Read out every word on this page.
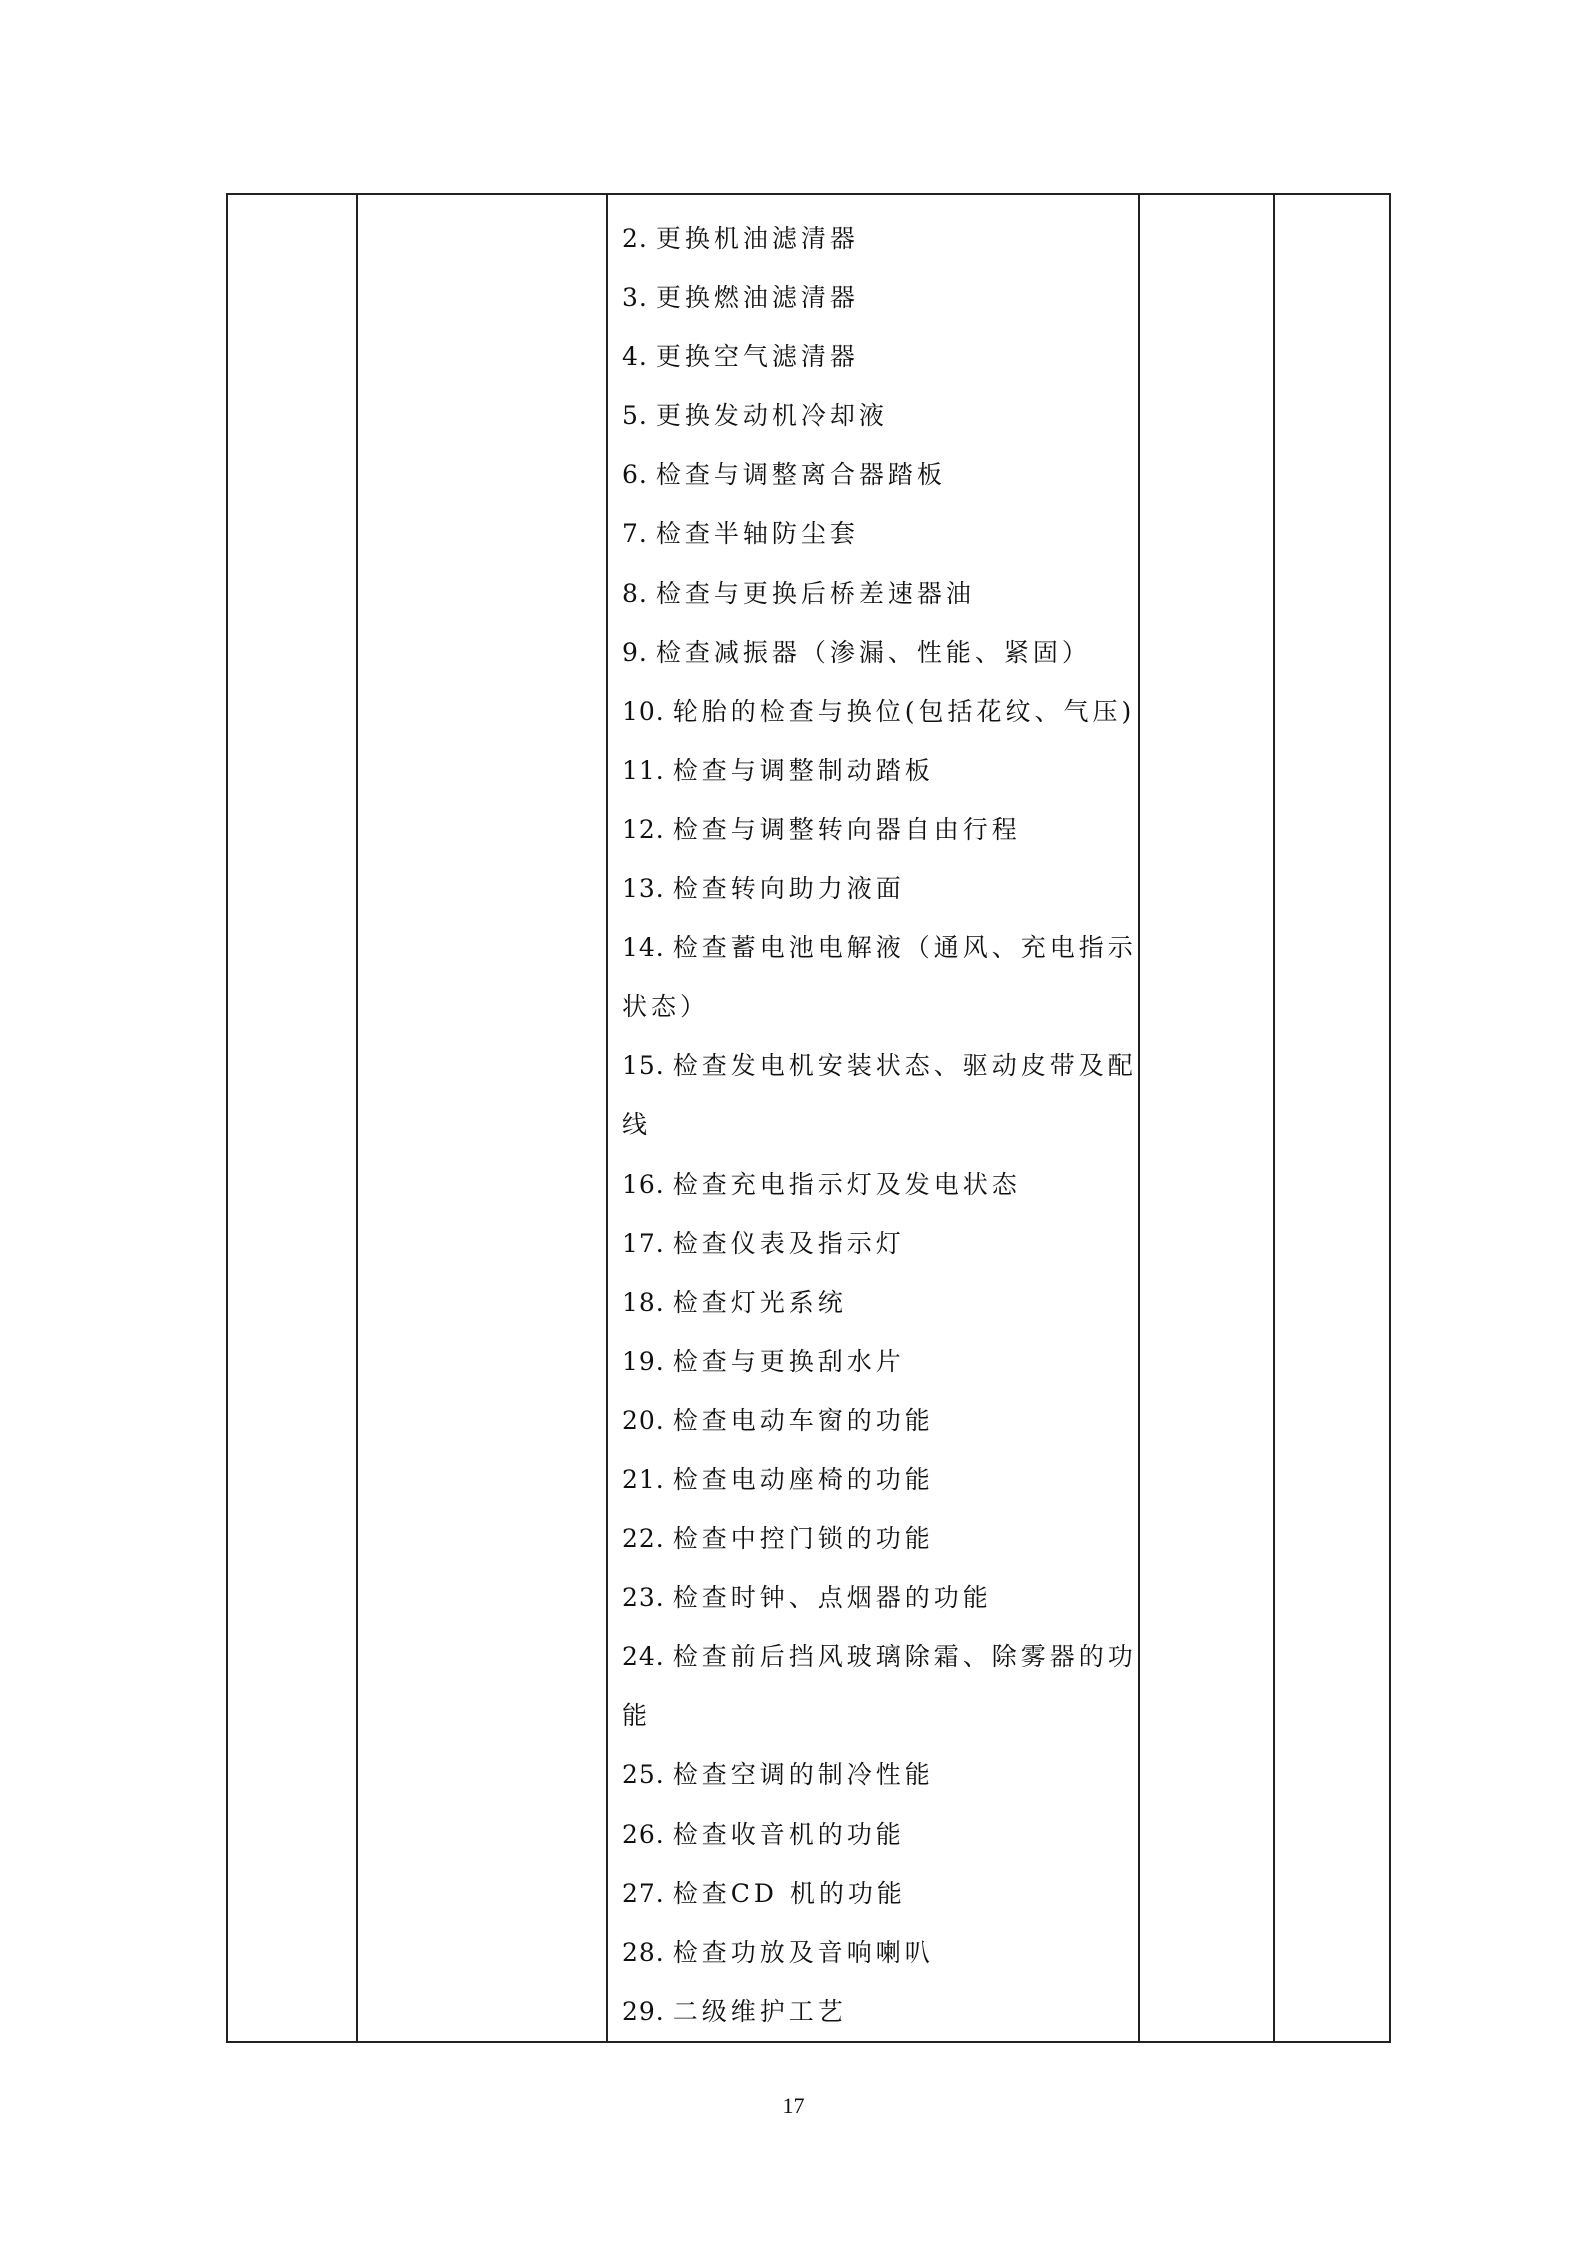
2. 更换机油滤清器
3. 更换燃油滤清器
4. 更换空气滤清器
5. 更换发动机冷却液
6. 检查与调整离合器踏板
7. 检查半轴防尘套
8. 检查与更换后桥差速器油
9. 检查减振器（渗漏、性能、紧固）
10. 轮胎的检查与换位(包括花纹、气压)
11. 检查与调整制动踏板
12. 检查与调整转向器自由行程
13. 检查转向助力液面
14. 检查蓄电池电解液（通风、充电指示
状态）
15. 检查发电机安装状态、驱动皮带及配
线
16. 检查充电指示灯及发电状态
17. 检查仪表及指示灯
18. 检查灯光系统
19. 检查与更换刮水片
20. 检查电动车窗的功能
21. 检查电动座椅的功能
22. 检查中控门锁的功能
23. 检查时钟、点烟器的功能
24. 检查前后挡风玻璃除霜、除雾器的功
能
25. 检查空调的制冷性能
26. 检查收音机的功能
27. 检查CD 机的功能
28. 检查功放及音响喇叭
29. 二级维护工艺

17
